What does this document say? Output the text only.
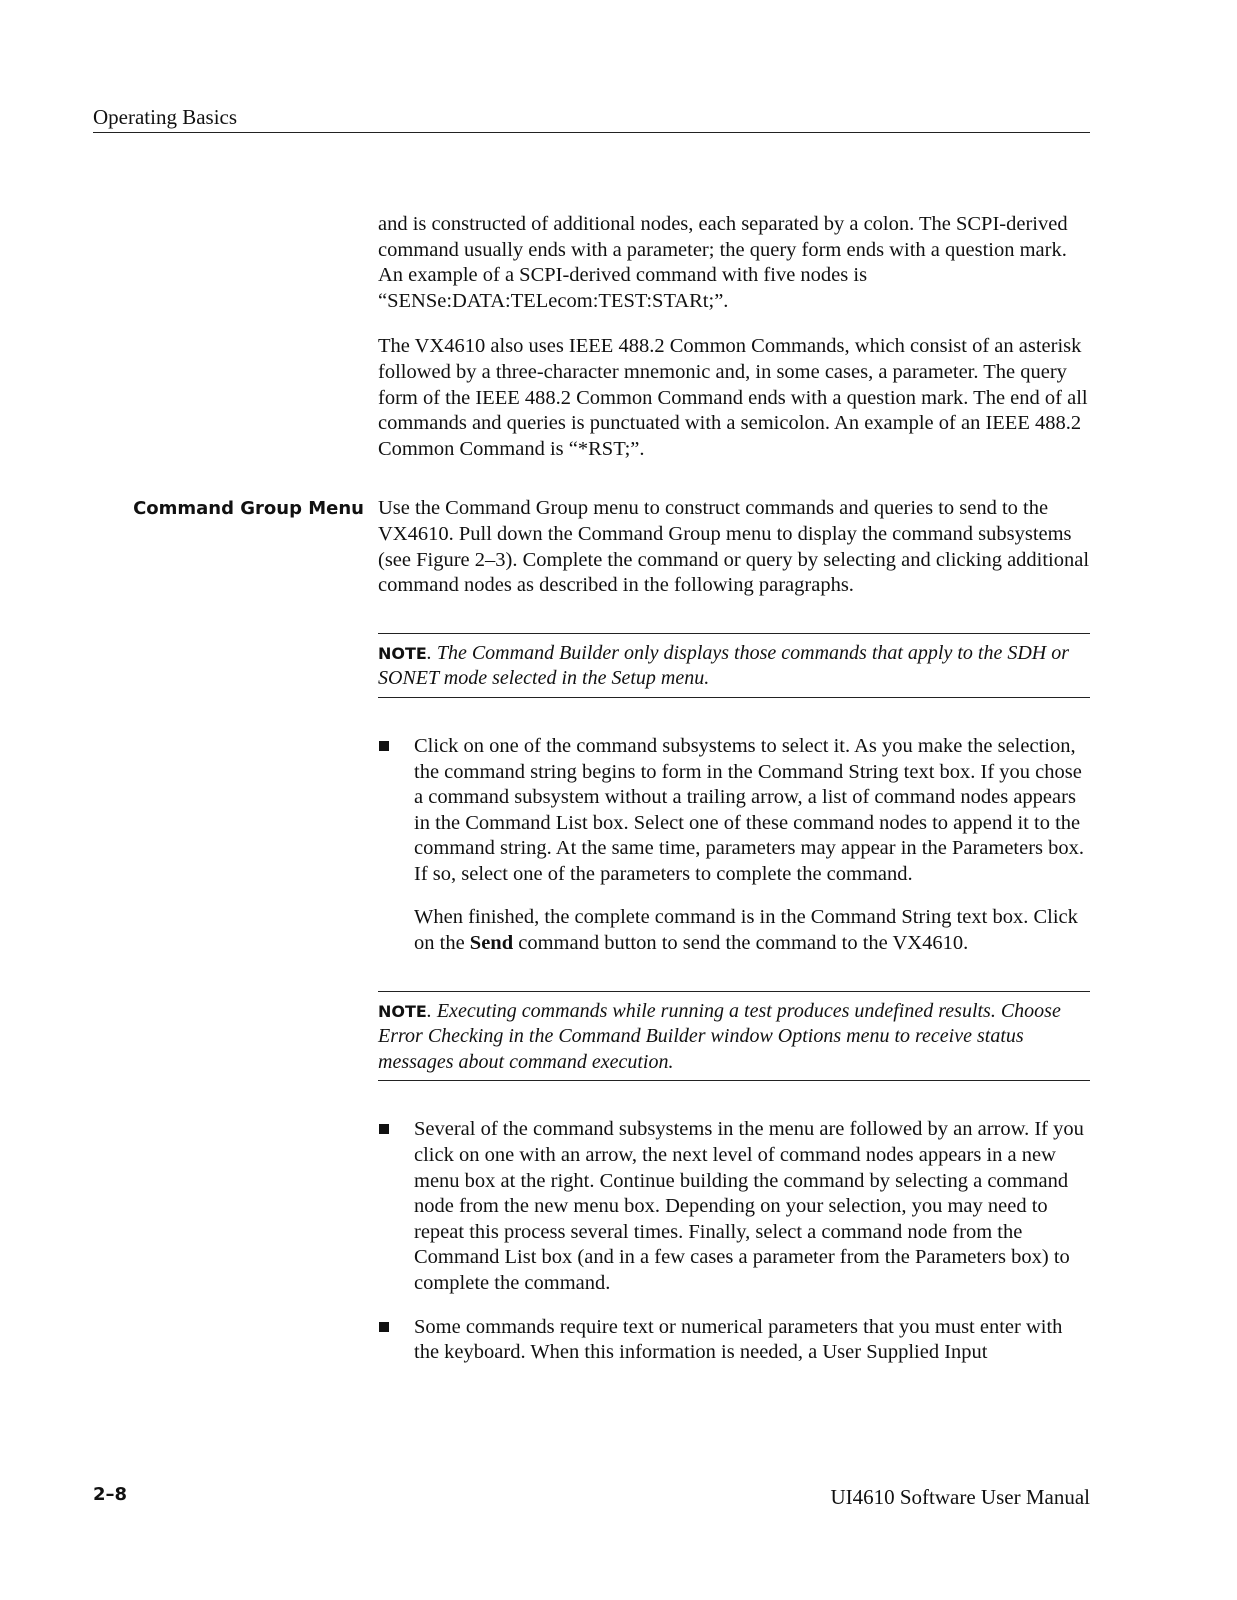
Operating Basics

and is constructed of additional nodes, each separated by a colon. The SCPI-derived command usually ends with a parameter; the query form ends with a question mark. An example of a SCPI-derived command with five nodes is “SENSe:DATA:TELecom:TEST:STARt;”.

The VX4610 also uses IEEE 488.2 Common Commands, which consist of an asterisk followed by a three-character mnemonic and, in some cases, a parameter. The query form of the IEEE 488.2 Common Command ends with a question mark. The end of all commands and queries is punctuated with a semicolon. An example of an IEEE 488.2 Common Command is “*RST;”.

Command Group Menu Use the Command Group menu to construct commands and queries to send to the VX4610. Pull down the Command Group menu to display the command subsystems (see Figure 2–3). Complete the command or query by selecting and clicking additional command nodes as described in the following paragraphs.

NOTE. The Command Builder only displays those commands that apply to the SDH or SONET mode selected in the Setup menu.

Click on one of the command subsystems to select it. As you make the selection, the command string begins to form in the Command String text box. If you chose a command subsystem without a trailing arrow, a list of command nodes appears in the Command List box. Select one of these command nodes to append it to the command string. At the same time, parameters may appear in the Parameters box. If so, select one of the parameters to complete the command.

When finished, the complete command is in the Command String text box. Click on the Send command button to send the command to the VX4610.

NOTE. Executing commands while running a test produces undefined results. Choose Error Checking in the Command Builder window Options menu to receive status messages about command execution.

Several of the command subsystems in the menu are followed by an arrow. If you click on one with an arrow, the next level of command nodes appears in a new menu box at the right. Continue building the command by selecting a command node from the new menu box. Depending on your selection, you may need to repeat this process several times. Finally, select a command node from the Command List box (and in a few cases a parameter from the Parameters box) to complete the command.

Some commands require text or numerical parameters that you must enter with the keyboard. When this information is needed, a User Supplied Input

2–8	UI4610 Software User Manual
